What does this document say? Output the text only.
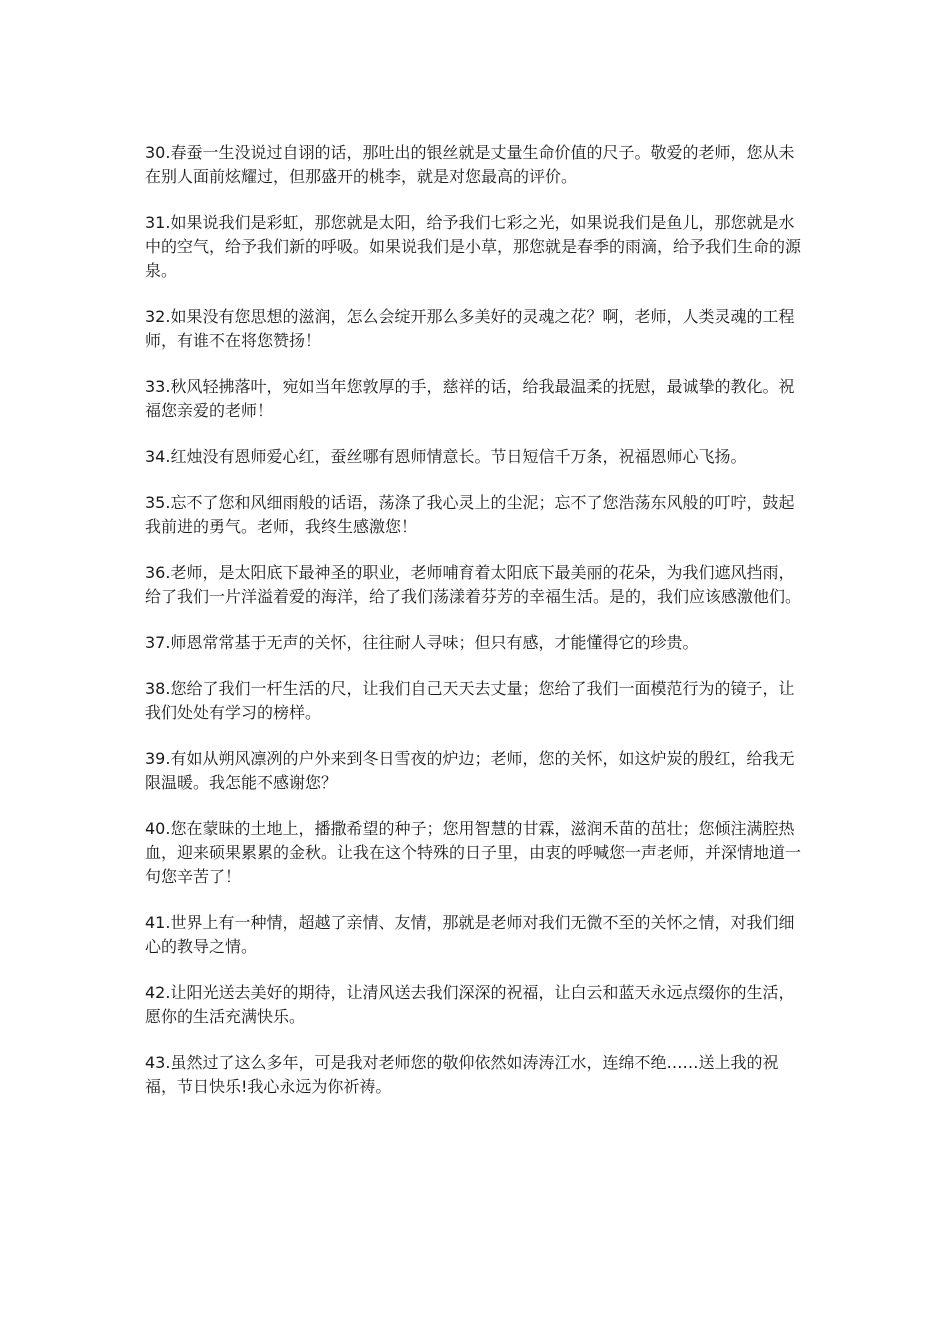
30.春蚕一生没说过自诩的话，那吐出的银丝就是丈量生命价值的尺子。敬爱的老师，您从未在别人面前炫耀过，但那盛开的桃李，就是对您最高的评价。

31.如果说我们是彩虹，那您就是太阳，给予我们七彩之光，如果说我们是鱼儿，那您就是水中的空气，给予我们新的呼吸。如果说我们是小草，那您就是春季的雨滴，给予我们生命的源泉。

32.如果没有您思想的滋润，怎么会绽开那么多美好的灵魂之花？啊，老师，人类灵魂的工程师，有谁不在将您赞扬！

33.秋风轻拂落叶，宛如当年您敦厚的手，慈祥的话，给我最温柔的抚慰，最诚挚的教化。祝福您亲爱的老师！

34.红烛没有恩师爱心红，蚕丝哪有恩师情意长。节日短信千万条，祝福恩师心飞扬。

35.忘不了您和风细雨般的话语，荡涤了我心灵上的尘泥；忘不了您浩荡东风般的叮咛，鼓起我前进的勇气。老师，我终生感激您！

36.老师，是太阳底下最神圣的职业，老师哺育着太阳底下最美丽的花朵，为我们遮风挡雨，给了我们一片洋溢着爱的海洋，给了我们荡漾着芬芳的幸福生活。是的，我们应该感激他们。

37.师恩常常基于无声的关怀，往往耐人寻味；但只有感，才能懂得它的珍贵。

38.您给了我们一杆生活的尺，让我们自己天天去丈量；您给了我们一面模范行为的镜子，让我们处处有学习的榜样。

39.有如从朔风凛冽的户外来到冬日雪夜的炉边；老师，您的关怀，如这炉炭的殷红，给我无限温暖。我怎能不感谢您？

40.您在蒙昧的土地上，播撒希望的种子；您用智慧的甘霖，滋润禾苗的茁壮；您倾注满腔热血，迎来硕果累累的金秋。让我在这个特殊的日子里，由衷的呼喊您一声老师，并深情地道一句您辛苦了！

41.世界上有一种情，超越了亲情、友情，那就是老师对我们无微不至的关怀之情，对我们细心的教导之情。

42.让阳光送去美好的期待，让清风送去我们深深的祝福，让白云和蓝天永远点缀你的生活，愿你的生活充满快乐。

43.虽然过了这么多年，可是我对老师您的敬仰依然如涛涛江水，连绵不绝……送上我的祝福，节日快乐!我心永远为你祈祷。
